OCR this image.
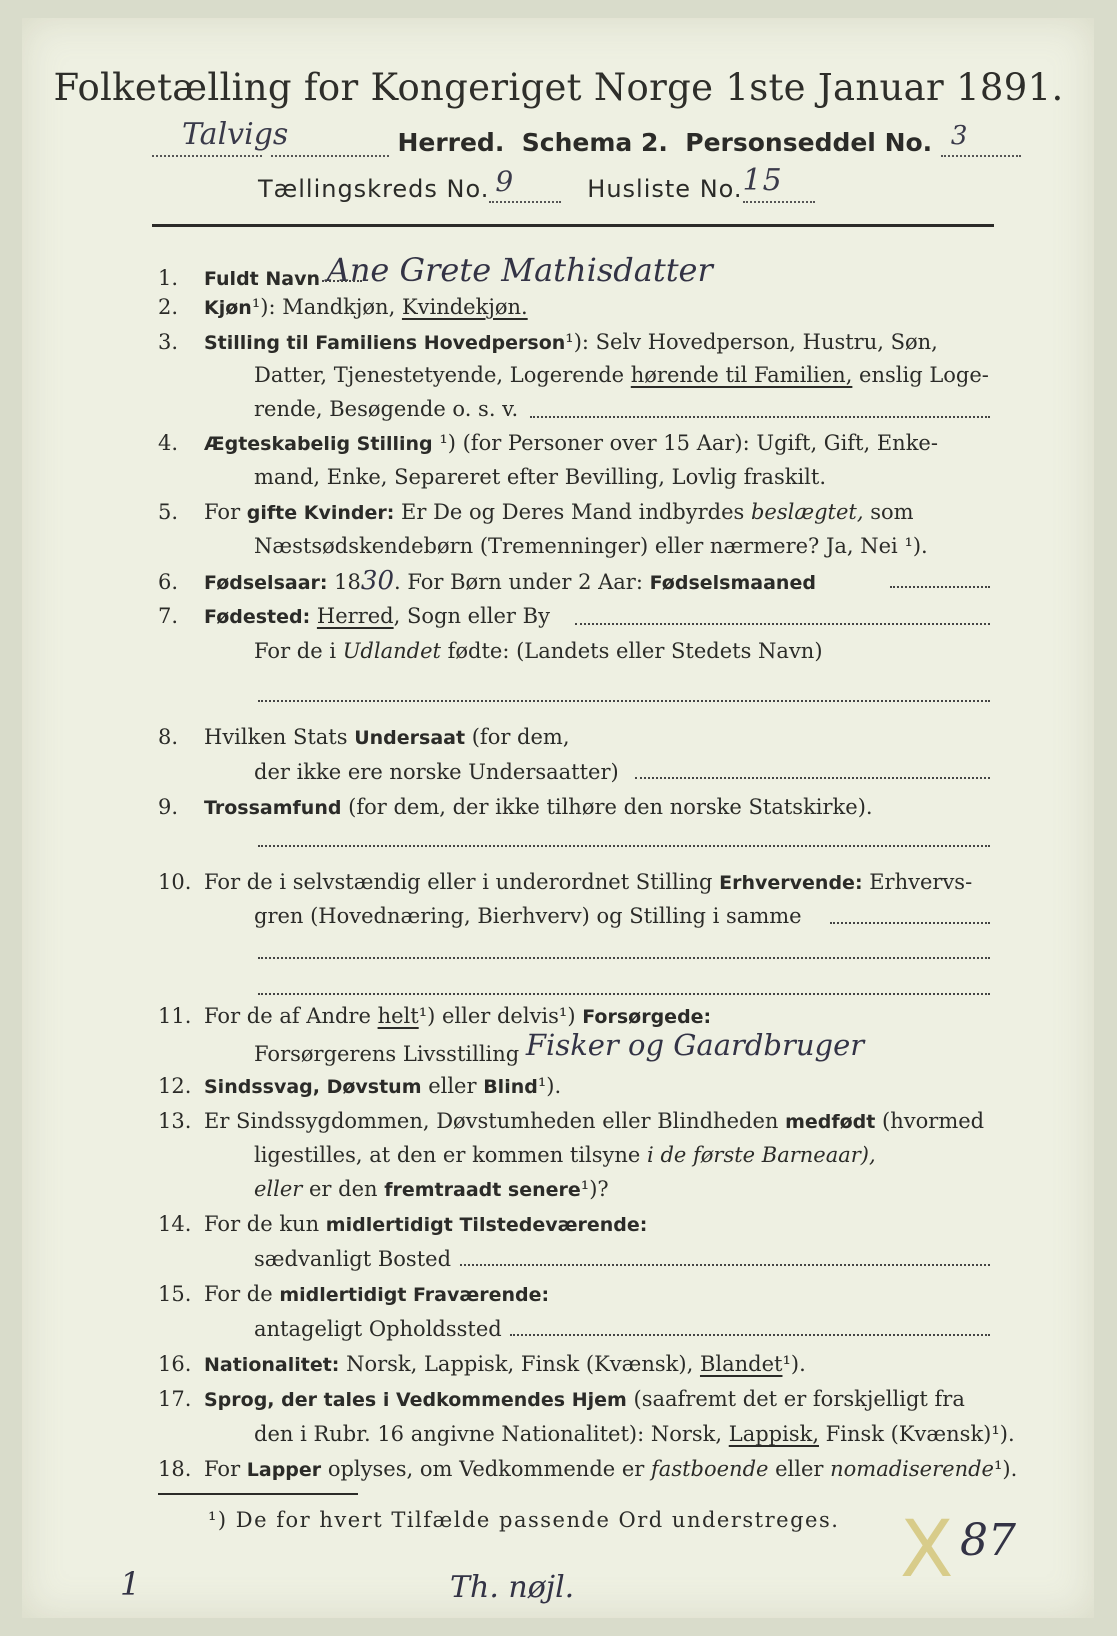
Folketælling for Kongeriget Norge 1ste Januar 1891.
Talvigs	Herred. Schema 2. Personseddel No. 3
Tællingskreds No. 9	Husliste No. 15
1. Fuldt Navn Ane Grete Mathisdatter
2. Kjøn¹): Mandkjøn, Kvindekjøn.
3. Stilling til Familiens Hovedperson¹): Selv Hovedperson, Hustru, Søn,
Datter, Tjenestetyende, Logerende hørende til Familien, enslig Loge-
rende, Besøgende o. s. v.
4. Ægteskabelig Stilling ¹) (for Personer over 15 Aar): Ugift, Gift, Enke-
mand, Enke, Separeret efter Bevilling, Lovlig fraskilt.
5. For gifte Kvinder: Er De og Deres Mand indbyrdes beslægtet, som
Næstsødskendebørn (Tremenninger) eller nærmere? Ja, Nei ¹).
6. Fødselsaar: 1830. For Børn under 2 Aar: Fødselsmaaned
7. Fødested: Herred, Sogn eller By
For de i Udlandet fødte: (Landets eller Stedets Navn)
8. Hvilken Stats Undersaat (for dem,
der ikke ere norske Undersaatter)
9. Trossamfund (for dem, der ikke tilhøre den norske Statskirke).
10. For de i selvstændig eller i underordnet Stilling Erhvervende: Erhvervs-
gren (Hovednæring, Bierhverv) og Stilling i samme
11. For de af Andre helt¹) eller delvis¹) Forsørgede:
Forsørgerens Livsstilling Fisker og Gaardbruger
12. Sindssvag, Døvstum eller Blind¹).
13. Er Sindssygdommen, Døvstumheden eller Blindheden medfødt (hvormed
ligestilles, at den er kommen tilsyne i de første Barneaar),
eller er den fremtraadt senere¹)?
14. For de kun midlertidigt Tilstedeværende:
sædvanligt Bosted
15. For de midlertidigt Fraværende:
antageligt Opholdssted
16. Nationalitet: Norsk, Lappisk, Finsk (Kvænsk), Blandet¹).
17. Sprog, der tales i Vedkommendes Hjem (saafremt det er forskjelligt fra
den i Rubr. 16 angivne Nationalitet): Norsk, Lappisk, Finsk (Kvænsk)¹).
18. For Lapper oplyses, om Vedkommende er fastboende eller nomadiserende¹).
¹) De for hvert Tilfælde passende Ord understreges.
Th. nøjl.	X 87
1
